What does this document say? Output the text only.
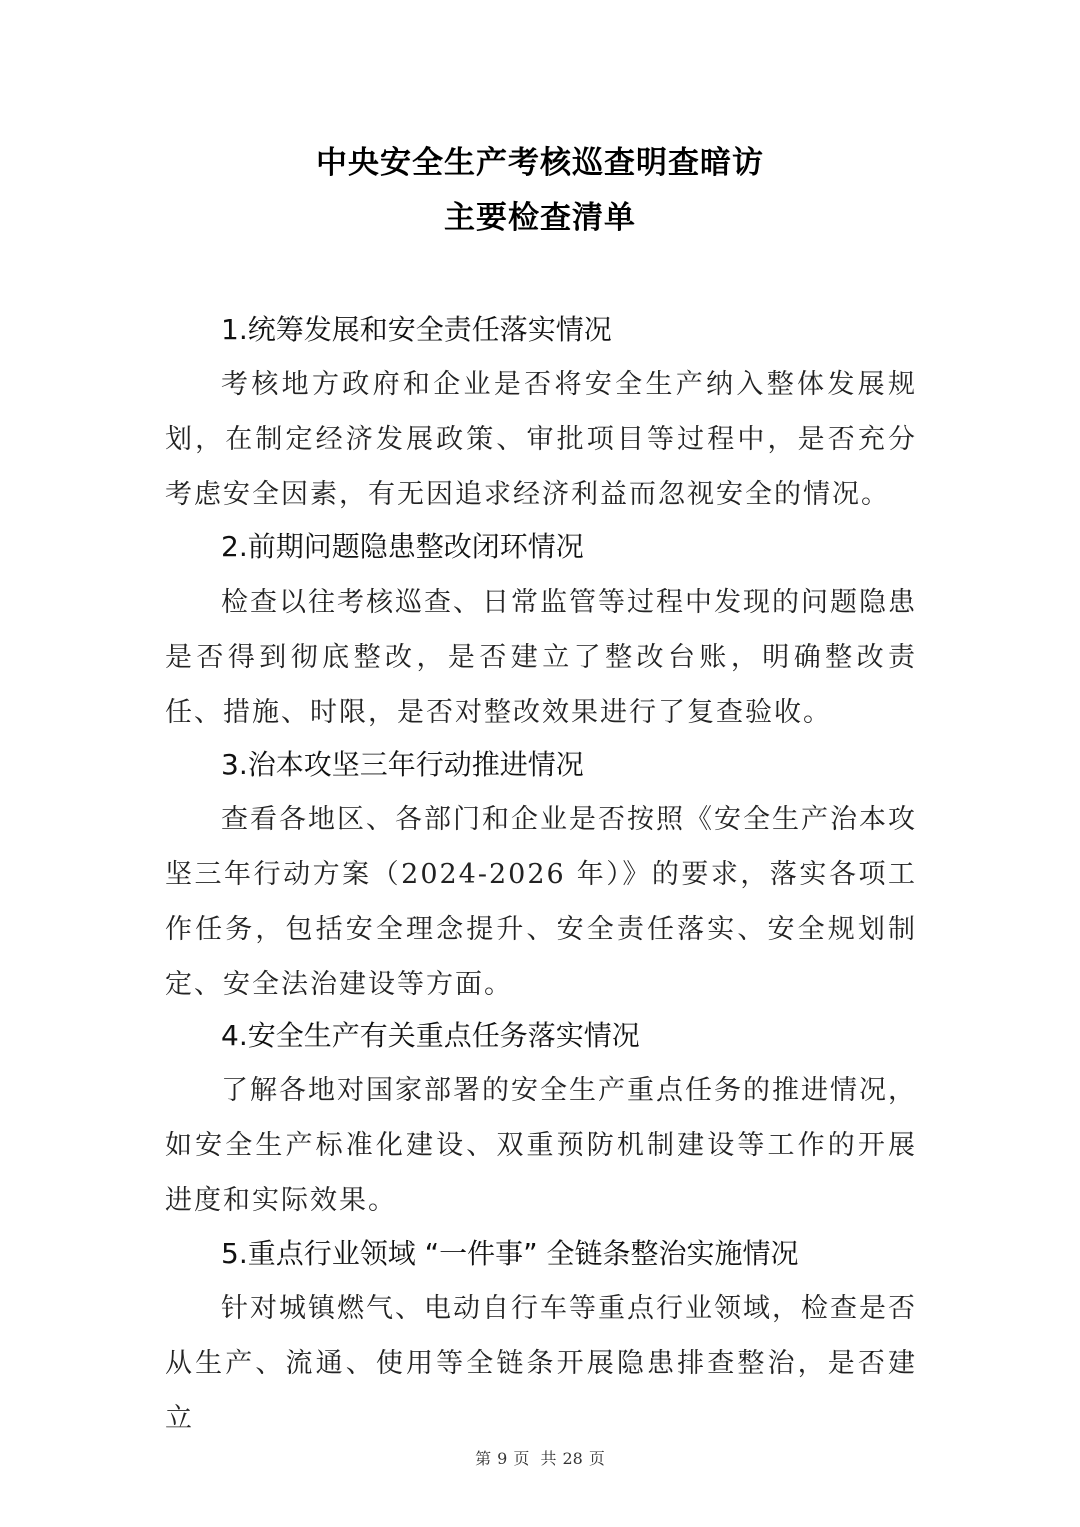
中央安全生产考核巡查明查暗访
主要检查清单
1.统筹发展和安全责任落实情况

考核地方政府和企业是否将安全生产纳入整体发展规划，在制定经济发展政策、审批项目等过程中，是否充分考虑安全因素，有无因追求经济利益而忽视安全的情况。

2.前期问题隐患整改闭环情况

检查以往考核巡查、日常监管等过程中发现的问题隐患是否得到彻底整改，是否建立了整改台账，明确整改责任、措施、时限，是否对整改效果进行了复查验收。

3.治本攻坚三年行动推进情况

查看各地区、各部门和企业是否按照《安全生产治本攻坚三年行动方案（2024-2026 年）》的要求，落实各项工作任务，包括安全理念提升、安全责任落实、安全规划制定、安全法治建设等方面。

4.安全生产有关重点任务落实情况

了解各地对国家部署的安全生产重点任务的推进情况，如安全生产标准化建设、双重预防机制建设等工作的开展进度和实际效果。

5.重点行业领域 “一件事” 全链条整治实施情况

针对城镇燃气、电动自行车等重点行业领域，检查是否从生产、流通、使用等全链条开展隐患排查整治，是否建立

第 9 页 共 28 页
